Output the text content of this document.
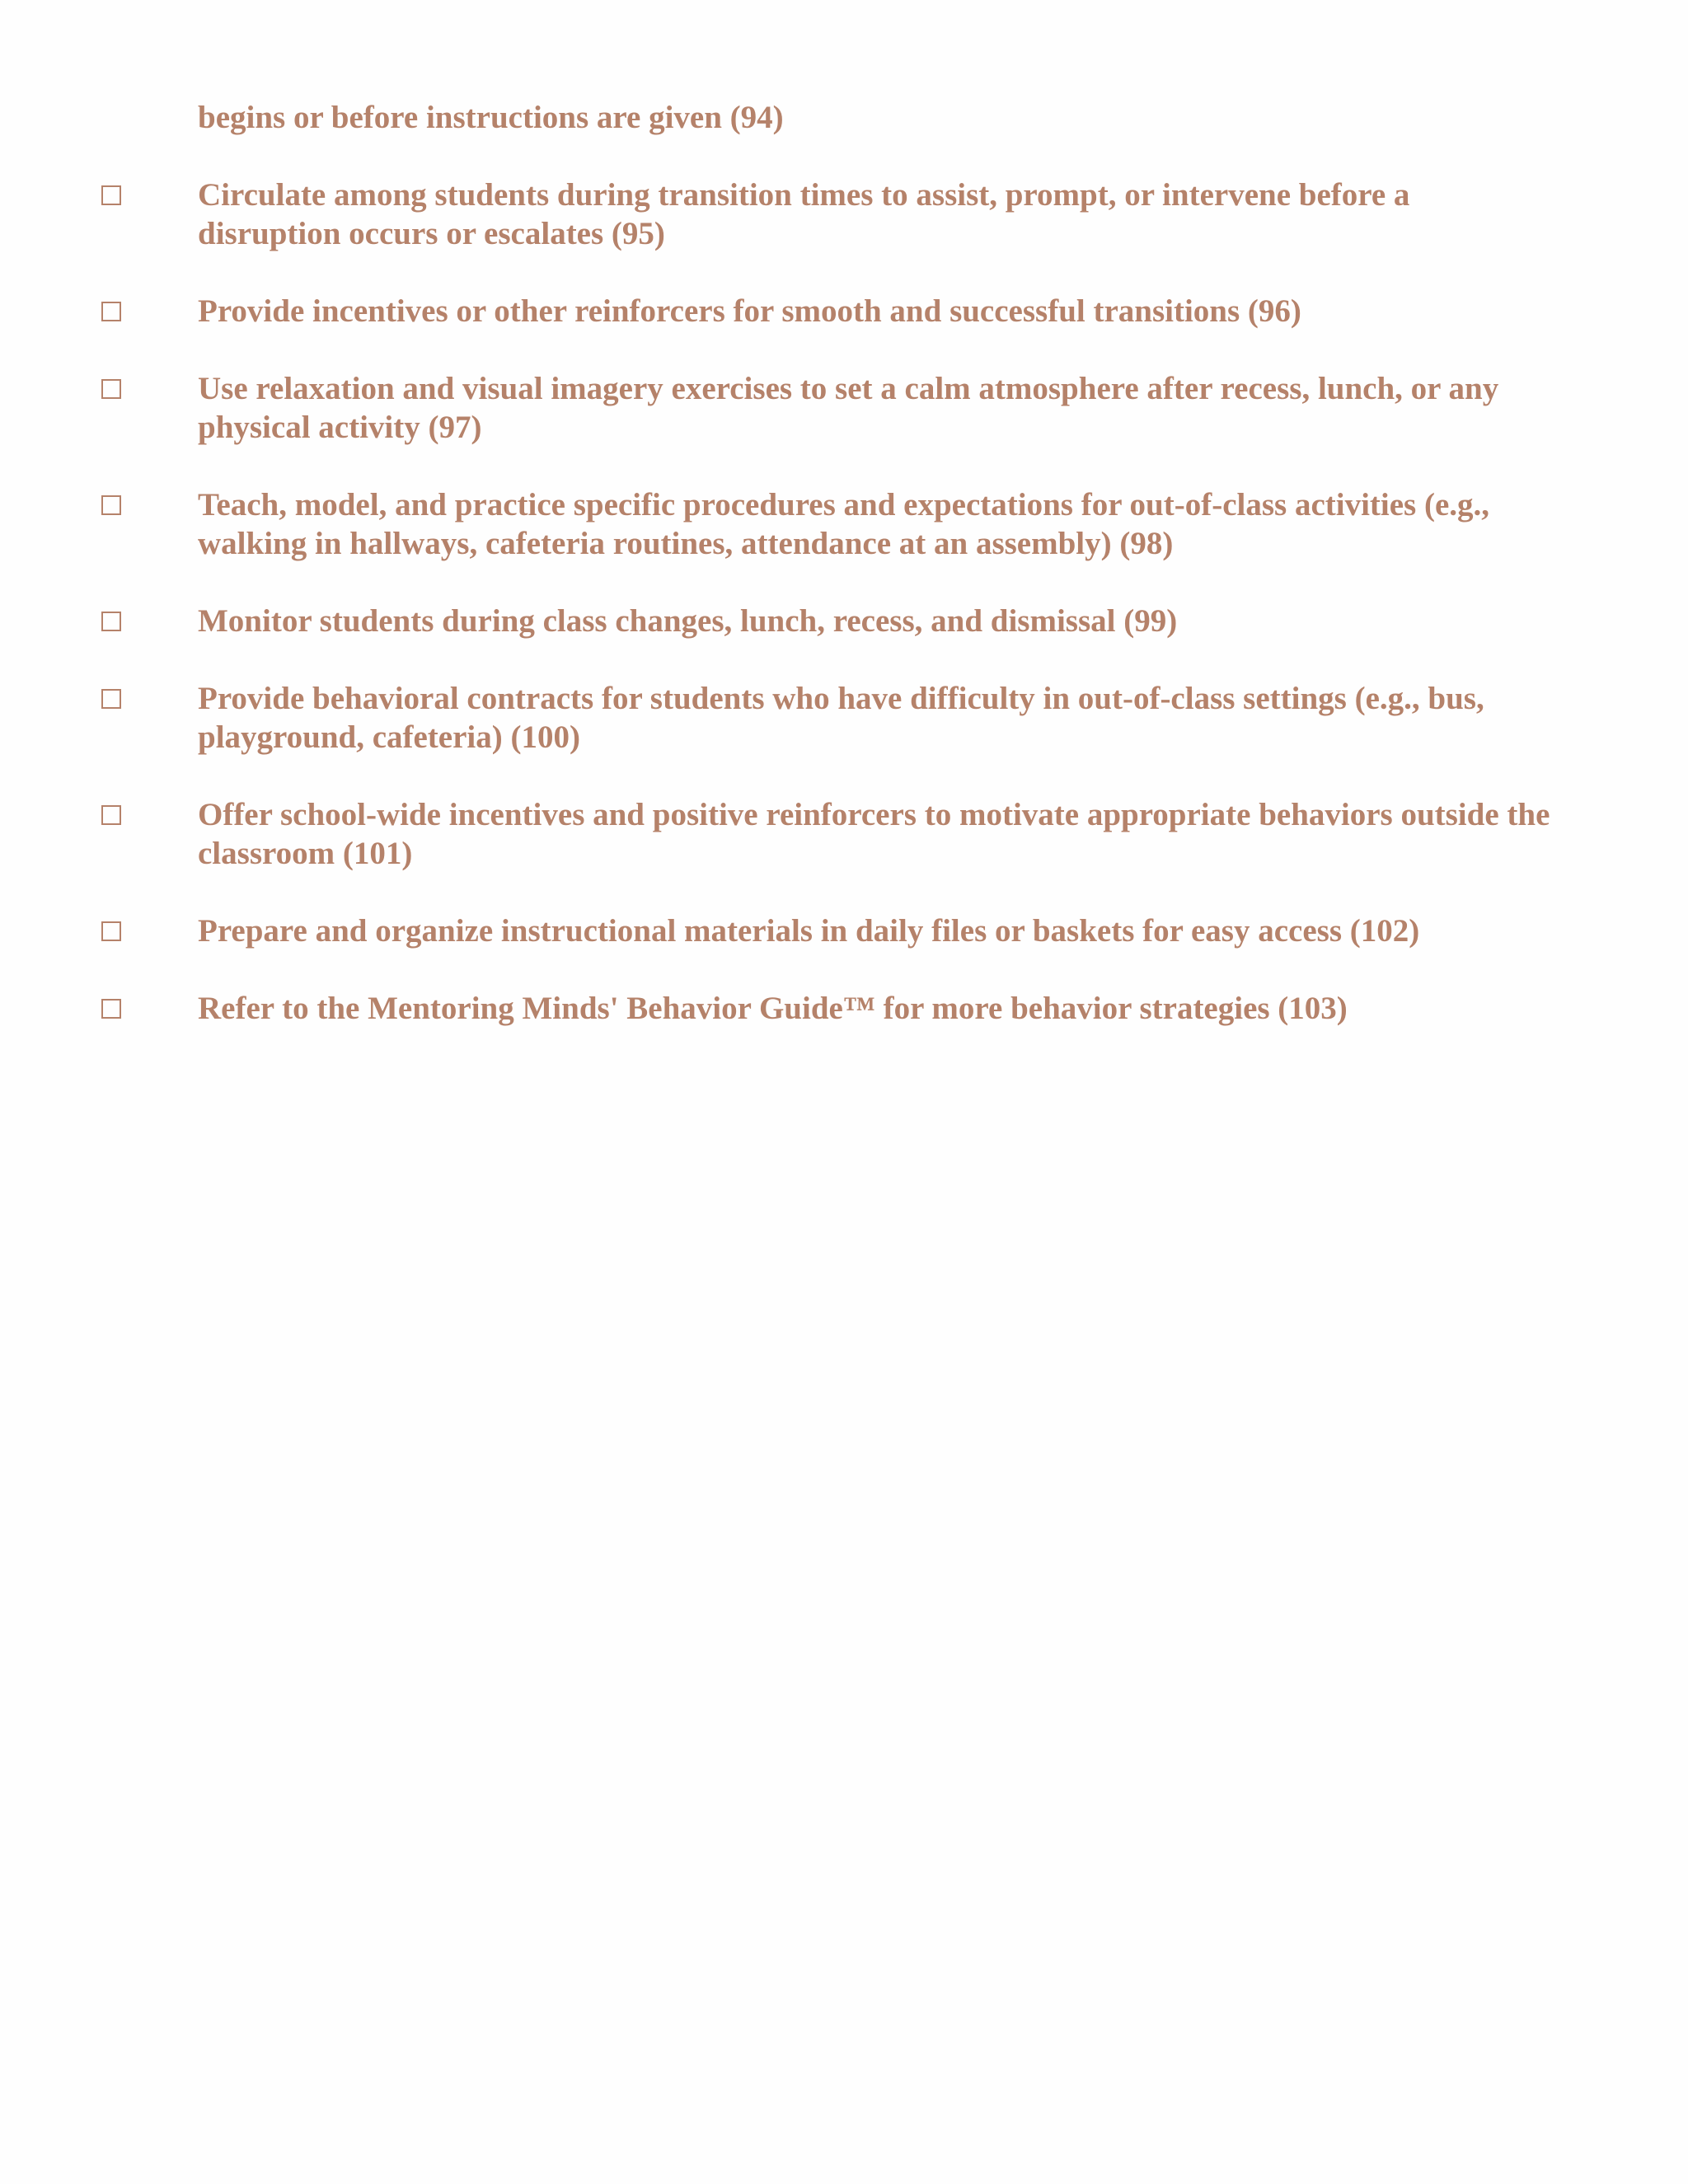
begins or before instructions are given (94)

Circulate among students during transition times to assist, prompt, or intervene before a disruption occurs or escalates (95)

Provide incentives or other reinforcers for smooth and successful transitions (96)

Use relaxation and visual imagery exercises to set a calm atmosphere after recess, lunch, or any physical activity (97)

Teach, model, and practice specific procedures and expectations for out-of-class activities (e.g., walking in hallways, cafeteria routines, attendance at an assembly) (98)

Monitor students during class changes, lunch, recess, and dismissal (99)

Provide behavioral contracts for students who have difficulty in out-of-class settings (e.g., bus, playground, cafeteria) (100)

Offer school-wide incentives and positive reinforcers to motivate appropriate behaviors outside the classroom (101)

Prepare and organize instructional materials in daily files or baskets for easy access (102)

Refer to the Mentoring Minds' Behavior Guide™ for more behavior strategies (103)
